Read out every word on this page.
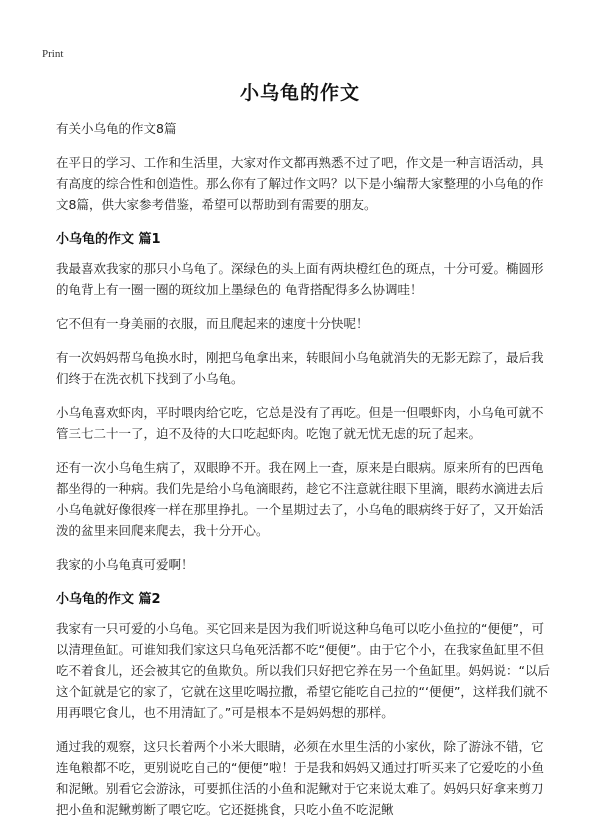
Print
小乌龟的作文

有关小乌龟的作文8篇

在平日的学习、工作和生活里，大家对作文都再熟悉不过了吧，作文是一种言语活动，具有高度的综合性和创造性。那么你有了解过作文吗？以下是小编帮大家整理的小乌龟的作文8篇，供大家参考借鉴，希望可以帮助到有需要的朋友。

小乌龟的作文 篇1

我最喜欢我家的那只小乌龟了。深绿色的头上面有两块橙红色的斑点，十分可爱。椭圆形的龟背上有一圈一圈的斑纹加上墨绿色的 龟背搭配得多么协调哇！

它不但有一身美丽的衣服，而且爬起来的速度十分快呢！

有一次妈妈帮乌龟换水时，刚把乌龟拿出来，转眼间小乌龟就消失的无影无踪了，最后我们终于在洗衣机下找到了小乌龟。

小乌龟喜欢虾肉，平时喂肉给它吃，它总是没有了再吃。但是一但喂虾肉，小乌龟可就不管三七二十一了，迫不及待的大口吃起虾肉。吃饱了就无忧无虑的玩了起来。

还有一次小乌龟生病了，双眼睁不开。我在网上一查，原来是白眼病。原来所有的巴西龟都坐得的一种病。我们先是给小乌龟滴眼药，趁它不注意就往眼下里滴，眼药水滴进去后小乌龟就好像很疼一样在那里挣扎。一个星期过去了，小乌龟的眼病终于好了，又开始活泼的盆里来回爬来爬去，我十分开心。

我家的小乌龟真可爱啊！

小乌龟的作文 篇2

我家有一只可爱的小乌龟。买它回来是因为我们听说这种乌龟可以吃小鱼拉的“便便”，可以清理鱼缸。可谁知我们家这只乌龟死活都不吃“便便”。由于它个小，在我家鱼缸里不但吃不着食儿，还会被其它的鱼欺负。所以我们只好把它养在另一个鱼缸里。妈妈说：“以后这个缸就是它的家了，它就在这里吃喝拉撒，希望它能吃自己拉的“‘便便”，这样我们就不用再喂它食儿，也不用清缸了。”可是根本不是妈妈想的那样。

通过我的观察，这只长着两个小米大眼睛，必须在水里生活的小家伙，除了游泳不错，它连龟粮都不吃，更别说吃自己的“便便”啦！于是我和妈妈又通过打听买来了它爱吃的小鱼和泥鳅。别看它会游泳，可要抓住活的小鱼和泥鳅对于它来说太难了。妈妈只好拿来剪刀把小鱼和泥鳅剪断了喂它吃。它还挺挑食，只吃小鱼不吃泥鳅
